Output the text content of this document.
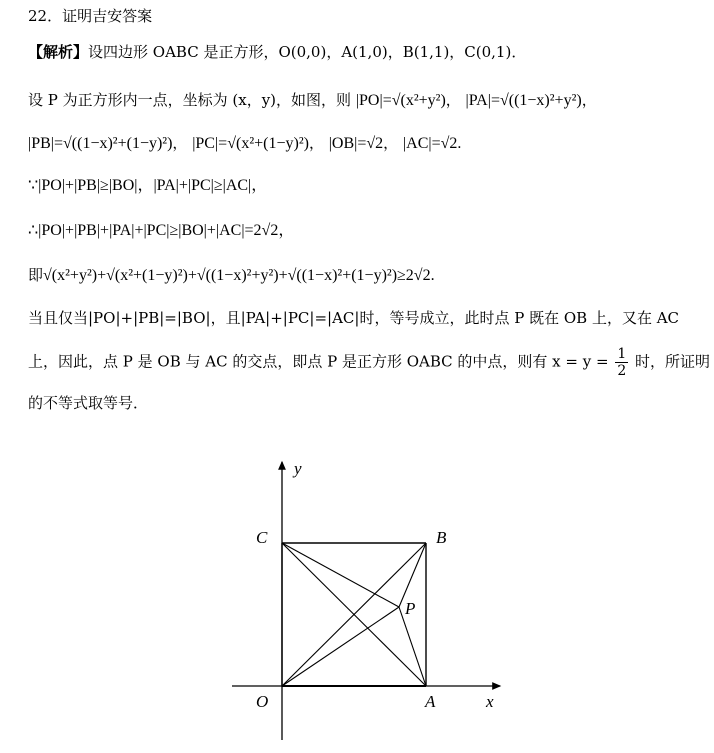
22．证明吉安答案
【解析】设四边形 OABC 是正方形，O(0,0)，A(1,0)，B(1,1)，C(0,1)．
设 P 为正方形内一点，坐标为 (x，y)，如图，则 |PO|=√(x²+y²)， |PA|=√((1−x)²+y²)，
|PB|=√((1−x)²+(1−y)²)， |PC|=√(x²+(1−y)²)， |OB|=√2， |AC|=√2.
∵|PO|+|PB|≥|BO|，|PA|+|PC|≥|AC|，
∴|PO|+|PB|+|PA|+|PC|≥|BO|+|AC|=2√2，
即√(x²+y²)+√(x²+(1−y)²)+√((1−x)²+y²)+√((1−x)²+(1−y)²)≥2√2.
当且仅当|PO|+|PB|=|BO|，且|PA|+|PC|=|AC|时，等号成立，此时点 P 既在 OB 上，又在 AC
上，因此，点 P 是 OB 与 AC 的交点，即点 P 是正方形 OABC 的中点，则有 $x = y = \frac{1}{2}$ 时，所证明
的不等式取等号．
y
x
O	A
B
C
P
